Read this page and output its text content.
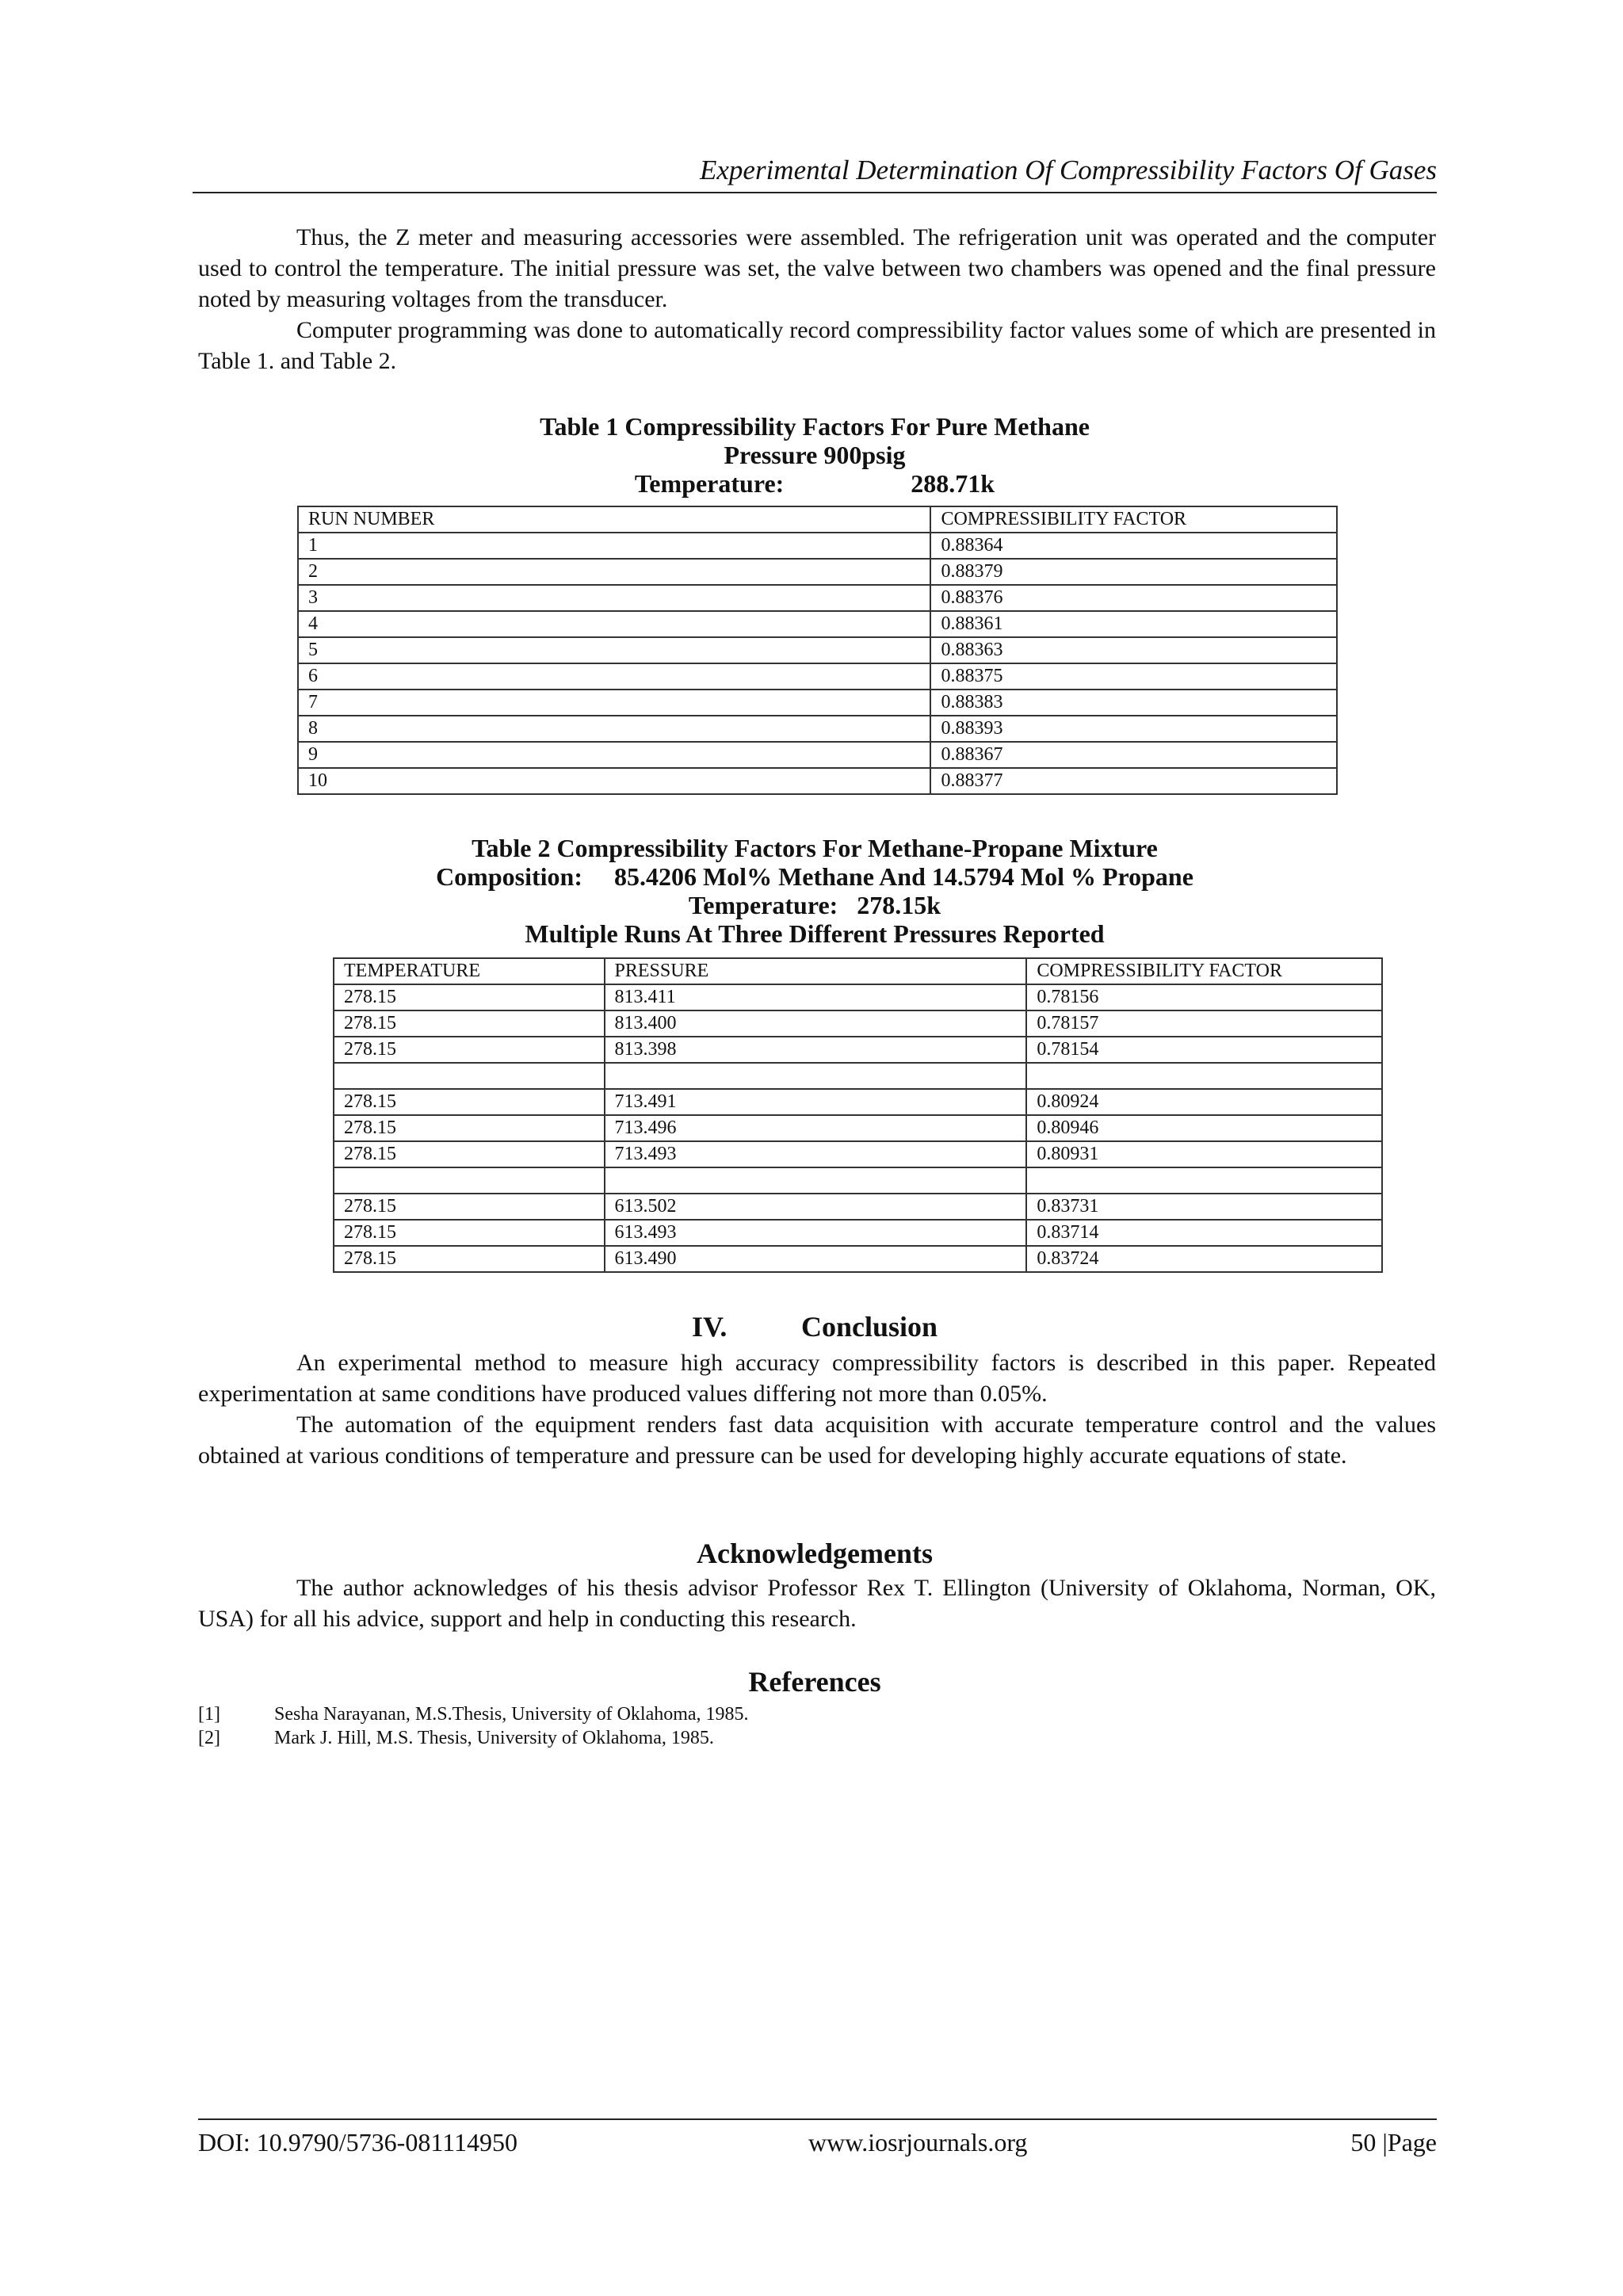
Experimental Determination Of Compressibility Factors Of Gases

Thus, the Z meter and measuring accessories were assembled. The refrigeration unit was operated and the computer used to control the temperature. The initial pressure was set, the valve between two chambers was opened and the final pressure noted by measuring voltages from the transducer.

Computer programming was done to automatically record compressibility factor values some of which are presented in Table 1. and Table 2.

Table 1 Compressibility Factors For Pure Methane
Pressure 900psig
Temperature:	288.71k
RUN NUMBER	COMPRESSIBILITY FACTOR
1	0.88364
2	0.88379
3	0.88376
4	0.88361
5	0.88363
6	0.88375
7	0.88383
8	0.88393
9	0.88367
10	0.88377
Table 2 Compressibility Factors For Methane-Propane Mixture
Composition:     85.4206 Mol% Methane And 14.5794 Mol % Propane
Temperature:   278.15k
Multiple Runs At Three Different Pressures Reported
TEMPERATURE	PRESSURE	COMPRESSIBILITY FACTOR
278.15	813.411	0.78156
278.15	813.400	0.78157
278.15	813.398	0.78154

278.15	713.491	0.80924
278.15	713.496	0.80946
278.15	713.493	0.80931

278.15	613.502	0.83731
278.15	613.493	0.83714
278.15	613.490	0.83724
IV.	Conclusion

An experimental method to measure high accuracy compressibility factors is described in this paper. Repeated experimentation at same conditions have produced values differing not more than 0.05%.

The automation of the equipment renders fast data acquisition with accurate temperature control and the values obtained at various conditions of temperature and pressure can be used for developing highly accurate equations of state.

Acknowledgements

The author acknowledges of his thesis advisor Professor Rex T. Ellington (University of Oklahoma, Norman, OK, USA) for all his advice, support and help in conducting this research.

References
[1]	Sesha Narayanan, M.S.Thesis, University of Oklahoma, 1985.
[2]	Mark J. Hill, M.S. Thesis, University of Oklahoma, 1985.
DOI: 10.9790/5736-081114950	www.iosrjournals.org	50 |Page
